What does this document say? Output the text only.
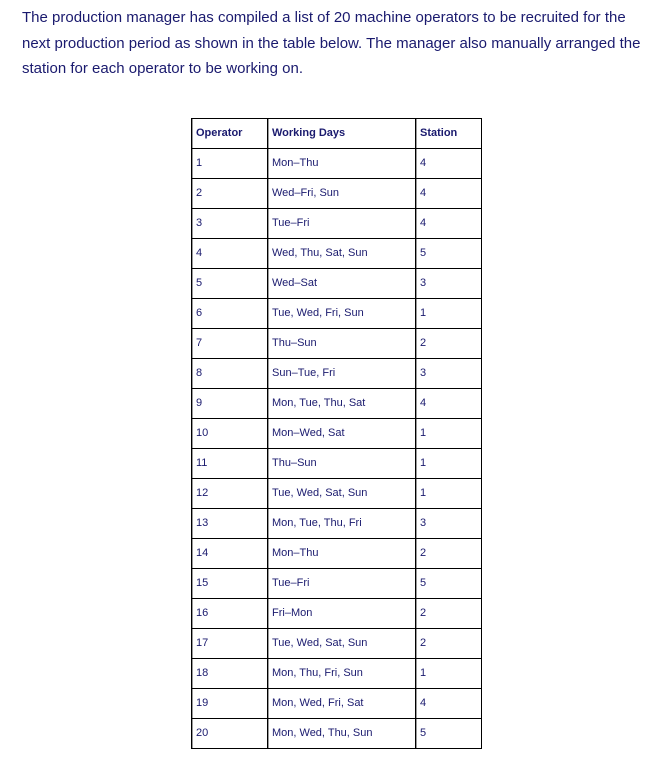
The production manager has compiled a list of 20 machine operators to be recruited for the next production period as shown in the table below. The manager also manually arranged the station for each operator to be working on.

Operator	Working Days	Station

1	Mon–Thu	4

2	Wed–Fri, Sun	4

3	Tue–Fri	4

4	Wed, Thu, Sat, Sun	5

5	Wed–Sat	3

6	Tue, Wed, Fri, Sun	1

7	Thu–Sun	2

8	Sun–Tue, Fri	3

9	Mon, Tue, Thu, Sat	4

10	Mon–Wed, Sat	1

11	Thu–Sun	1

12	Tue, Wed, Sat, Sun	1

13	Mon, Tue, Thu, Fri	3

14	Mon–Thu	2

15	Tue–Fri	5

16	Fri–Mon	2

17	Tue, Wed, Sat, Sun	2

18	Mon, Thu, Fri, Sun	1

19	Mon, Wed, Fri, Sat	4

20	Mon, Wed, Thu, Sun	5
